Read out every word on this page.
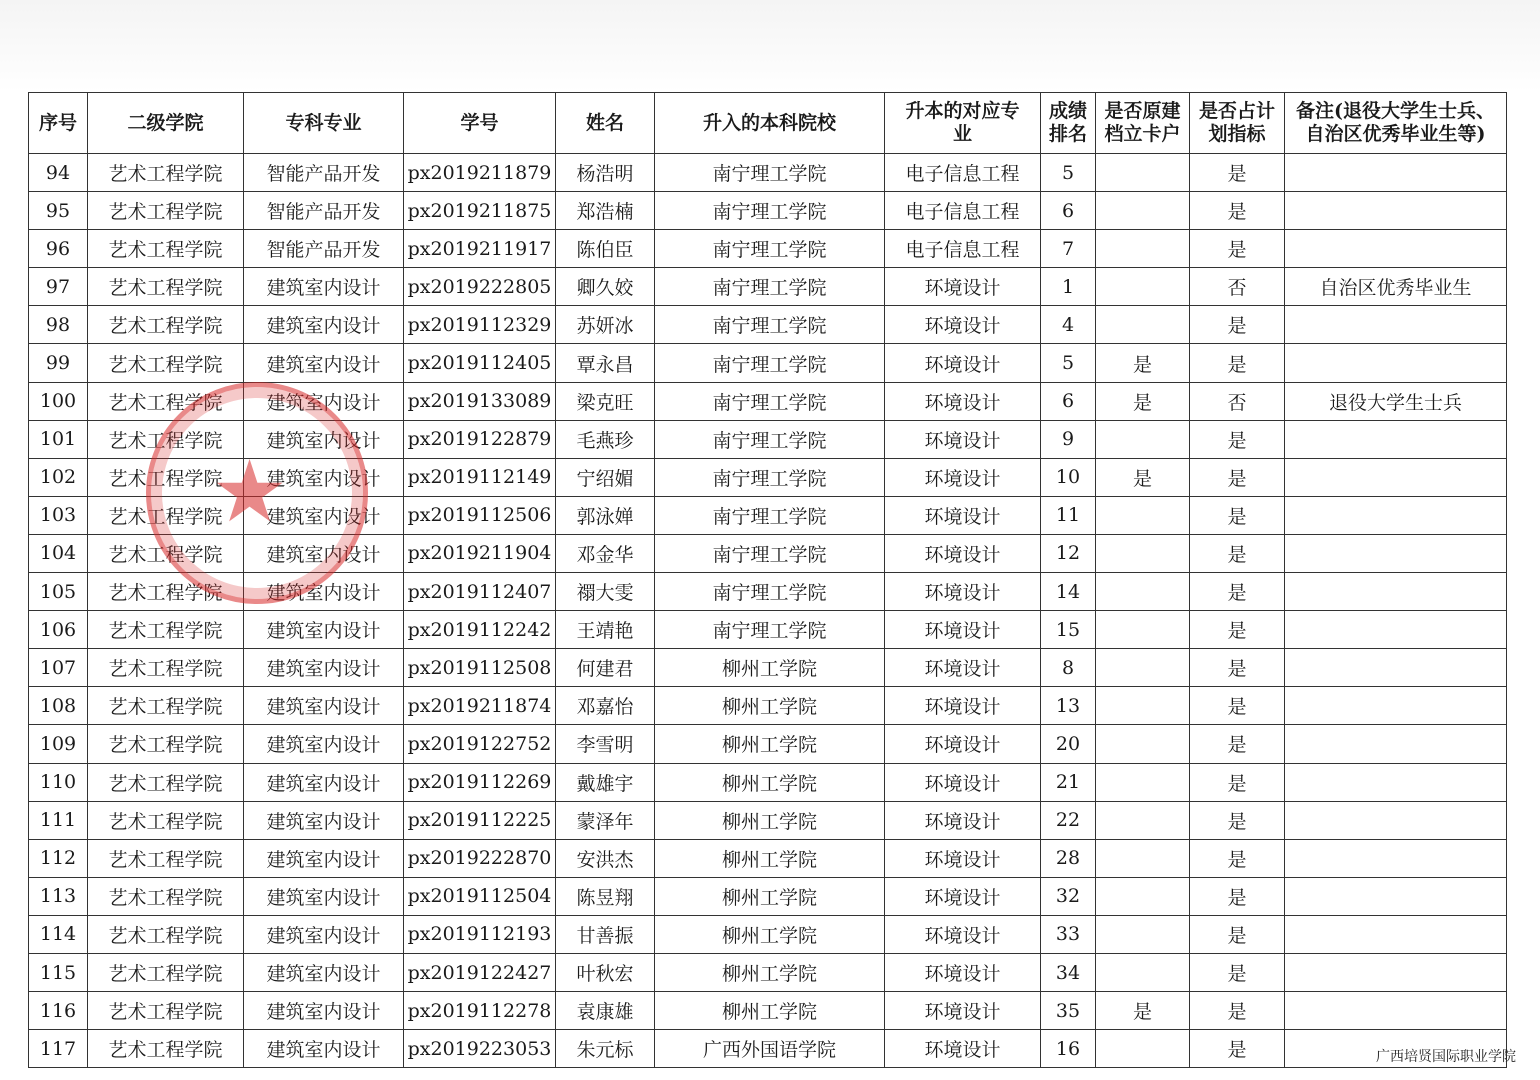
序号	二级学院	专科专业	学号	姓名	升入的本科院校	升本的对应专业	成绩排名	是否原建档立卡户	是否占计划指标	备注(退役大学生士兵、自治区优秀毕业生等)
94	艺术工程学院	智能产品开发	px2019211879	杨浩明	南宁理工学院	电子信息工程	5		是	
95	艺术工程学院	智能产品开发	px2019211875	郑浩楠	南宁理工学院	电子信息工程	6		是	
96	艺术工程学院	智能产品开发	px2019211917	陈伯臣	南宁理工学院	电子信息工程	7		是	
97	艺术工程学院	建筑室内设计	px2019222805	卿久姣	南宁理工学院	环境设计	1		否	自治区优秀毕业生
98	艺术工程学院	建筑室内设计	px2019112329	苏妍冰	南宁理工学院	环境设计	4		是	
99	艺术工程学院	建筑室内设计	px2019112405	覃永昌	南宁理工学院	环境设计	5	是	是	
100	艺术工程学院	建筑室内设计	px2019133089	梁克旺	南宁理工学院	环境设计	6	是	否	退役大学生士兵
101	艺术工程学院	建筑室内设计	px2019122879	毛燕珍	南宁理工学院	环境设计	9		是	
102	艺术工程学院	建筑室内设计	px2019112149	宁绍媚	南宁理工学院	环境设计	10	是	是	
103	艺术工程学院	建筑室内设计	px2019112506	郭泳婵	南宁理工学院	环境设计	11		是	
104	艺术工程学院	建筑室内设计	px2019211904	邓金华	南宁理工学院	环境设计	12		是	
105	艺术工程学院	建筑室内设计	px2019112407	禤大雯	南宁理工学院	环境设计	14		是	
106	艺术工程学院	建筑室内设计	px2019112242	王靖艳	南宁理工学院	环境设计	15		是	
107	艺术工程学院	建筑室内设计	px2019112508	何建君	柳州工学院	环境设计	8		是	
108	艺术工程学院	建筑室内设计	px2019211874	邓嘉怡	柳州工学院	环境设计	13		是	
109	艺术工程学院	建筑室内设计	px2019122752	李雪明	柳州工学院	环境设计	20		是	
110	艺术工程学院	建筑室内设计	px2019112269	戴雄宇	柳州工学院	环境设计	21		是	
111	艺术工程学院	建筑室内设计	px2019112225	蒙泽年	柳州工学院	环境设计	22		是	
112	艺术工程学院	建筑室内设计	px2019222870	安洪杰	柳州工学院	环境设计	28		是	
113	艺术工程学院	建筑室内设计	px2019112504	陈昱翔	柳州工学院	环境设计	32		是	
114	艺术工程学院	建筑室内设计	px2019112193	甘善振	柳州工学院	环境设计	33		是	
115	艺术工程学院	建筑室内设计	px2019122427	叶秋宏	柳州工学院	环境设计	34		是	
116	艺术工程学院	建筑室内设计	px2019112278	袁康雄	柳州工学院	环境设计	35	是	是	
117	艺术工程学院	建筑室内设计	px2019223053	朱元标	广西外国语学院	环境设计	16		是	
★
广西培贤国际职业学院
